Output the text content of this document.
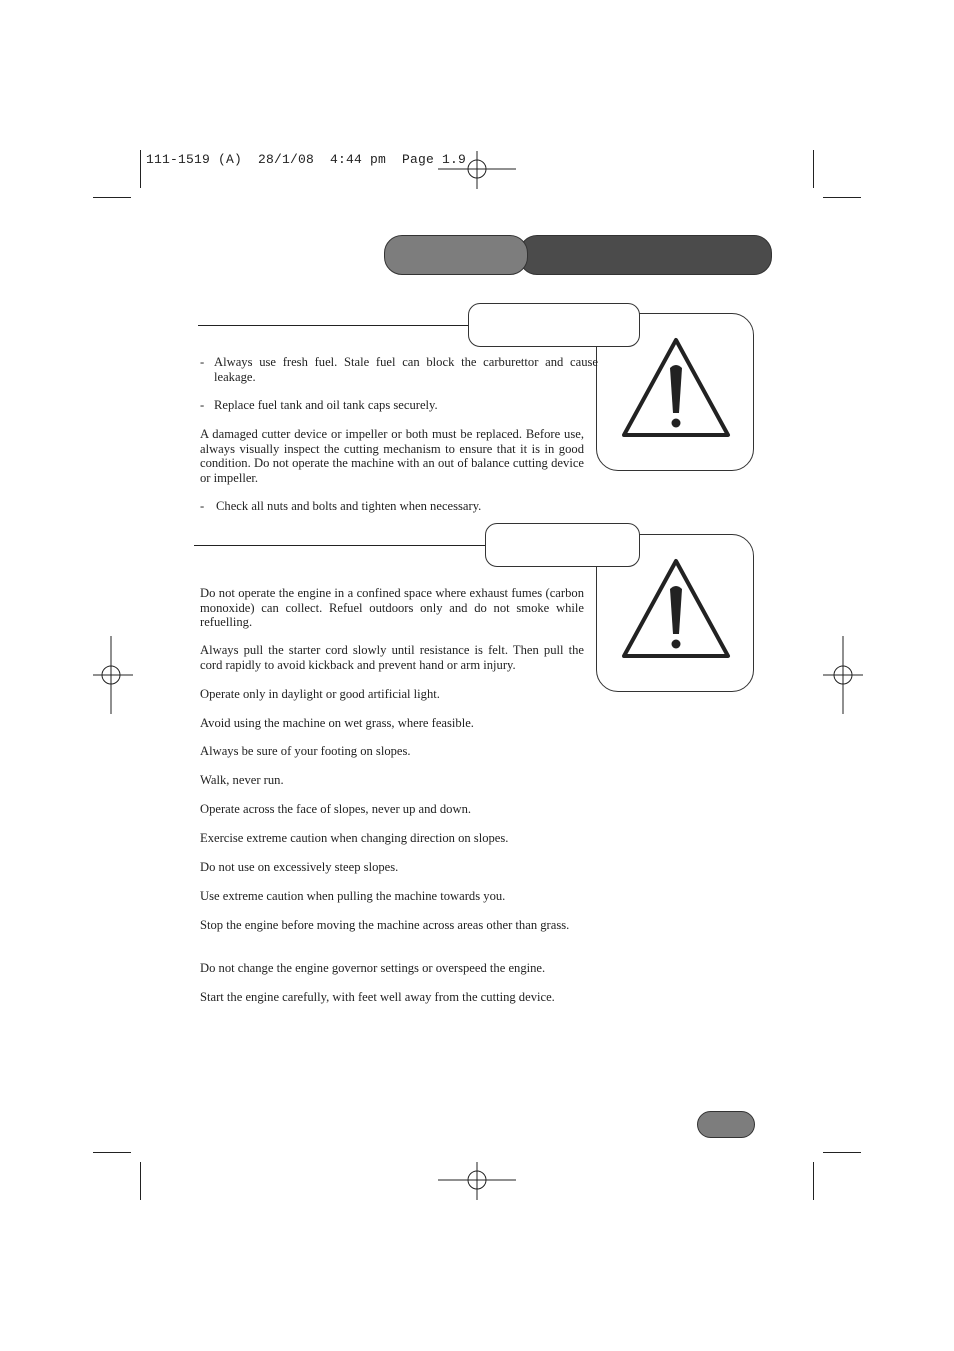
111-1519 (A)  28/1/08  4:44 pm  Page 1.9
- Always use fresh fuel. Stale fuel can block the carburettor and cause leakage.
- Replace fuel tank and oil tank caps securely.
A damaged cutter device or impeller or both must be replaced. Before use, always visually inspect the cutting mechanism to ensure that it is in good condition. Do not operate the machine with an out of balance cutting device or impeller.
- Check all nuts and bolts and tighten when necessary.

Do not operate the engine in a confined space where exhaust fumes (carbon monoxide) can collect. Refuel outdoors only and do not smoke while refuelling.

Always pull the starter cord slowly until resistance is felt. Then pull the cord rapidly to avoid kickback and prevent hand or arm injury.

Operate only in daylight or good artificial light.

Avoid using the machine on wet grass, where feasible.

Always be sure of your footing on slopes.

Walk, never run.

Operate across the face of slopes, never up and down.

Exercise extreme caution when changing direction on slopes.

Do not use on excessively steep slopes.

Use extreme caution when pulling the machine towards you.

Stop the engine before moving the machine across areas other than grass.

Do not change the engine governor settings or overspeed the engine.

Start the engine carefully, with feet well away from the cutting device.
